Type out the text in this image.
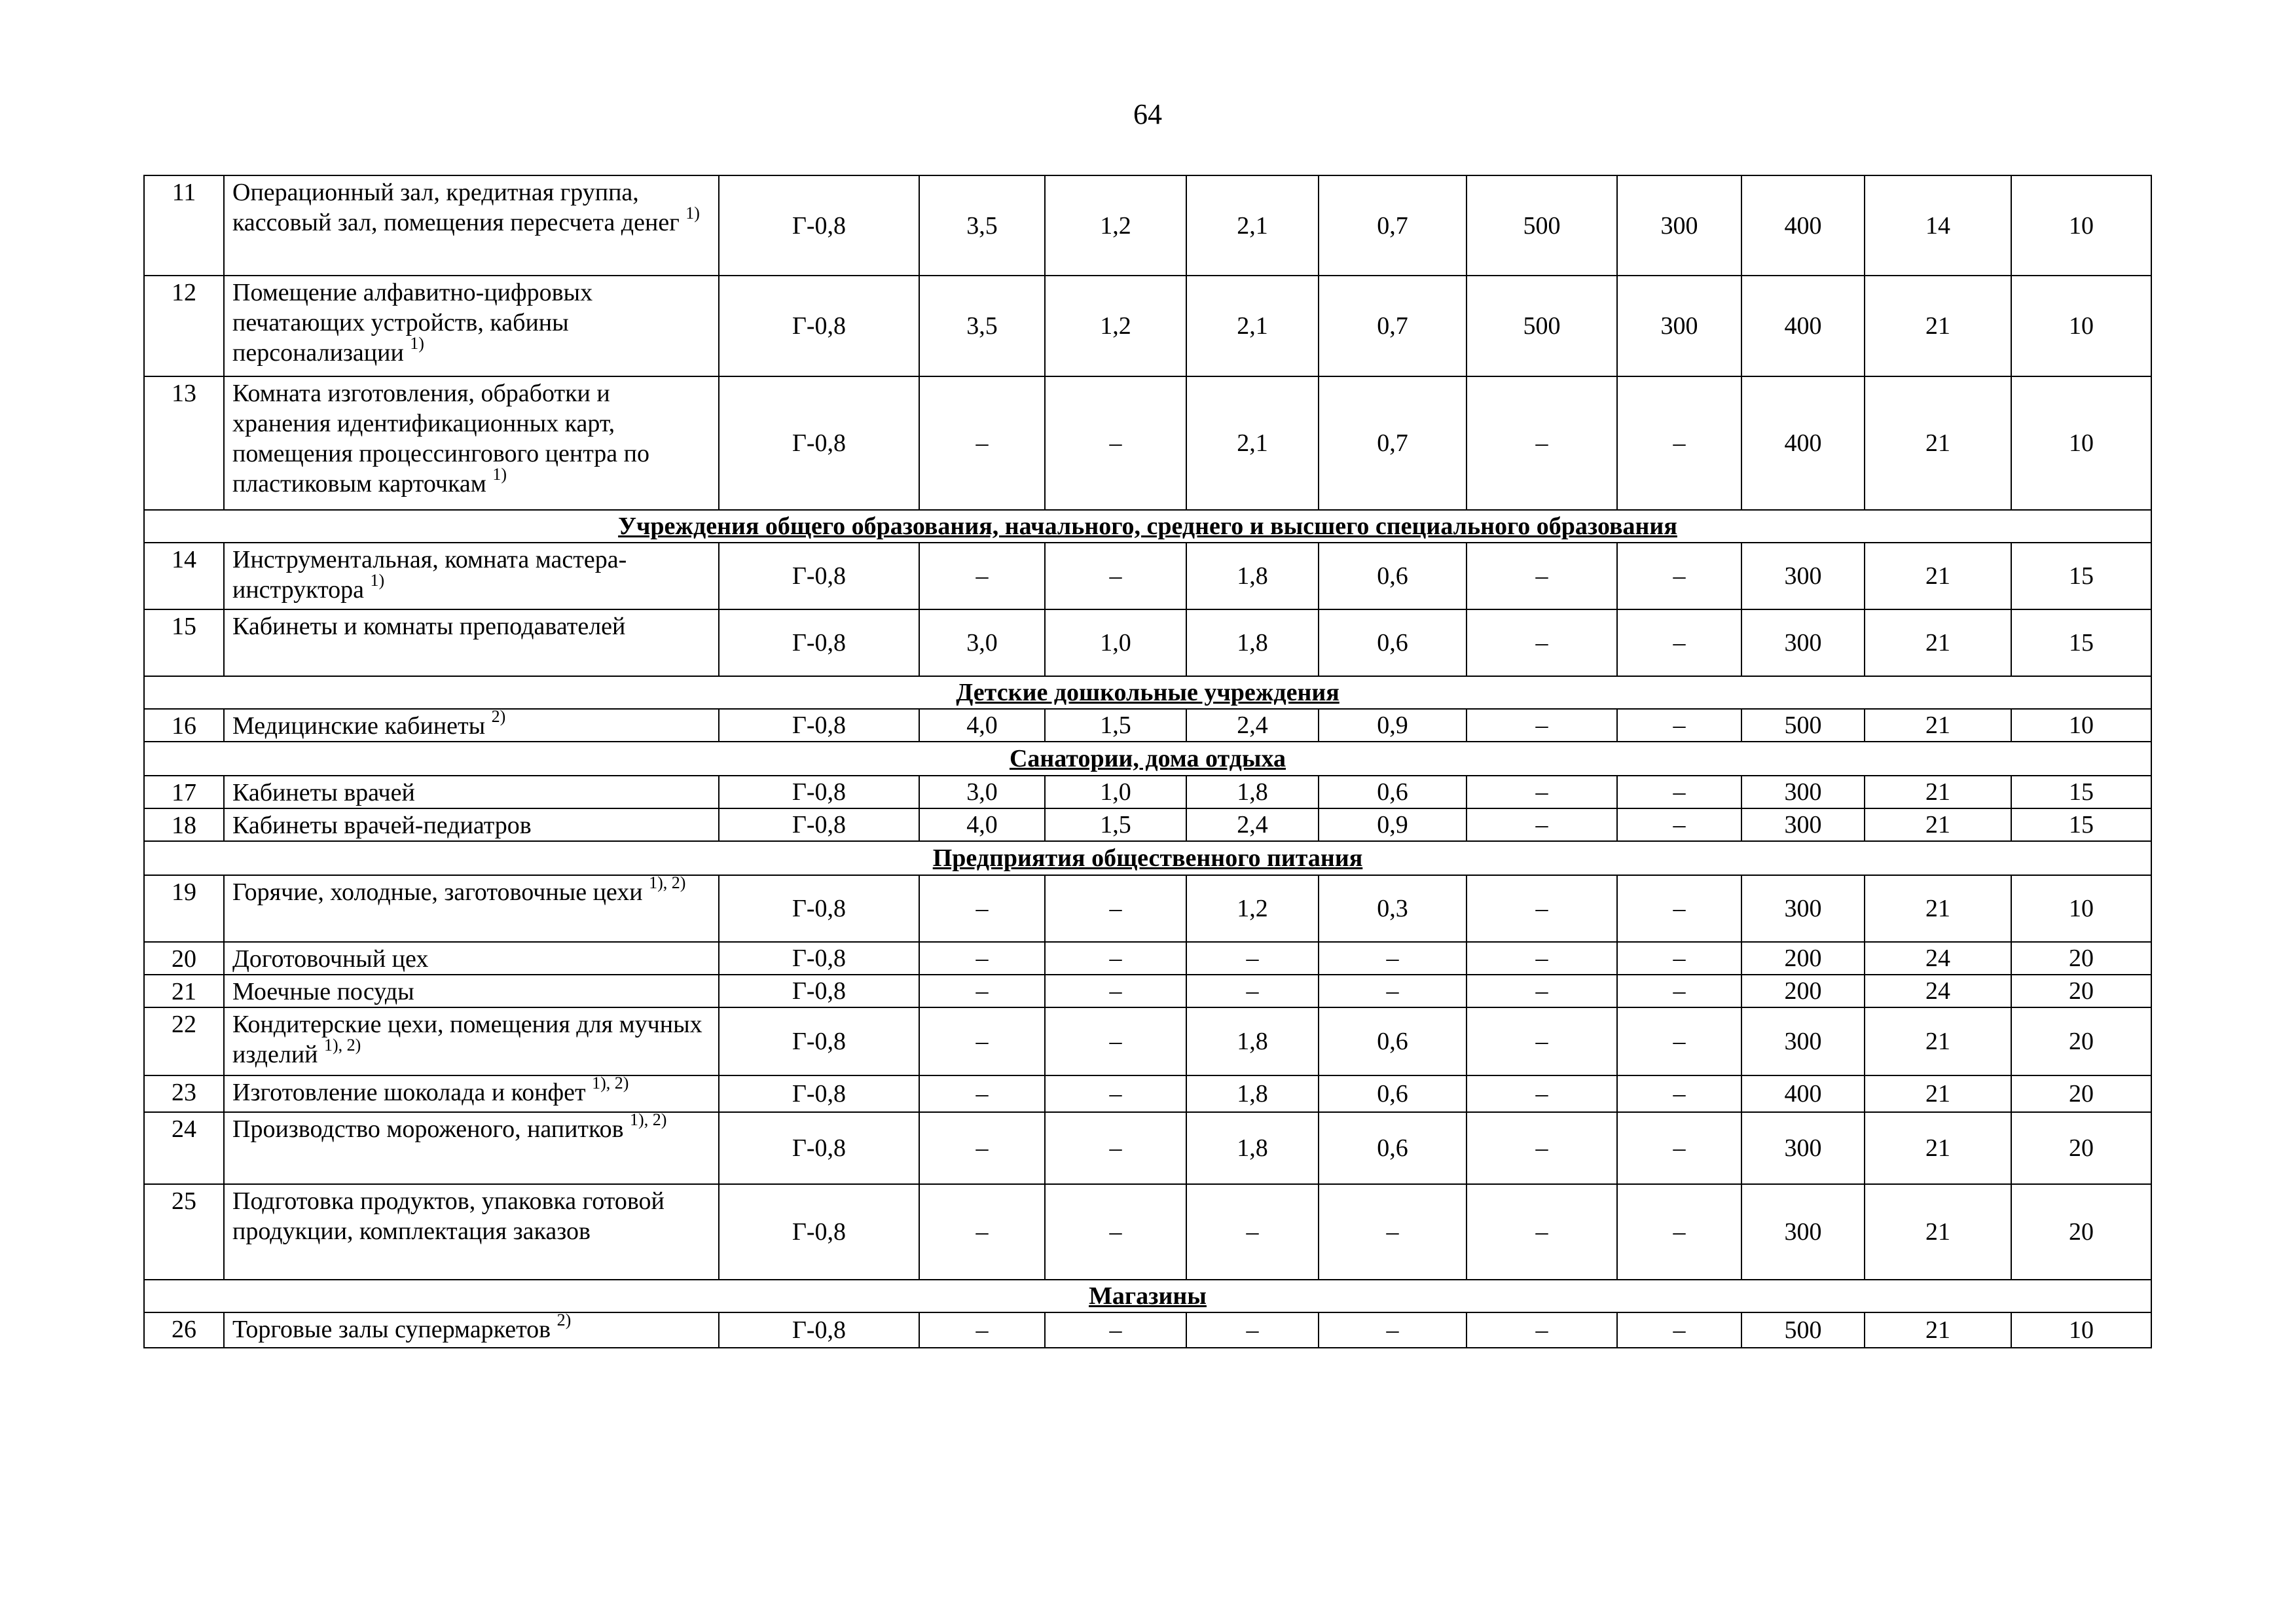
64
11	Операционный зал, кредитная группа, кассовый зал, помещения пересчета денег $^{1)}$	Г-0,8	3,5	1,2	2,1	0,7	500	300	400	14	10
12	Помещение алфавитно-цифровых печатающих устройств, кабины персонализации $^{1)}$	Г-0,8	3,5	1,2	2,1	0,7	500	300	400	21	10
13	Комната изготовления, обработки и хранения идентификационных карт, помещения процессингового центра по пластиковым карточкам $^{1)}$	Г-0,8	–	–	2,1	0,7	–	–	400	21	10
Учреждения общего образования, начального, среднего и высшего специального образования											
14	Инструментальная, комната мастера-инструктора $^{1)}$	Г-0,8	–	–	1,8	0,6	–	–	300	21	15
15	Кабинеты и комнаты преподавателей	Г-0,8	3,0	1,0	1,8	0,6	–	–	300	21	15
Детские дошкольные учреждения											
16	Медицинские кабинеты $^{2)}$	Г-0,8	4,0	1,5	2,4	0,9	–	–	500	21	10
Санатории, дома отдыха											
17	Кабинеты врачей	Г-0,8	3,0	1,0	1,8	0,6	–	–	300	21	15
18	Кабинеты врачей-педиатров	Г-0,8	4,0	1,5	2,4	0,9	–	–	300	21	15
Предприятия общественного питания											
19	Горячие, холодные, заготовочные цехи $^{1), 2)}$	Г-0,8	–	–	1,2	0,3	–	–	300	21	10
20	Доготовочный цех	Г-0,8	–	–	–	–	–	–	200	24	20
21	Моечные посуды	Г-0,8	–	–	–	–	–	–	200	24	20
22	Кондитерские цехи, помещения для мучных изделий $^{1), 2)}$	Г-0,8	–	–	1,8	0,6	–	–	300	21	20
23	Изготовление шоколада и конфет $^{1), 2)}$	Г-0,8	–	–	1,8	0,6	–	–	400	21	20
24	Производство мороженого, напитков $^{1), 2)}$	Г-0,8	–	–	1,8	0,6	–	–	300	21	20
25	Подготовка продуктов, упаковка готовой продукции, комплектация заказов	Г-0,8	–	–	–	–	–	–	300	21	20
Магазины											
26	Торговые залы супермаркетов $^{2)}$	Г-0,8	–	–	–	–	–	–	500	21	10
